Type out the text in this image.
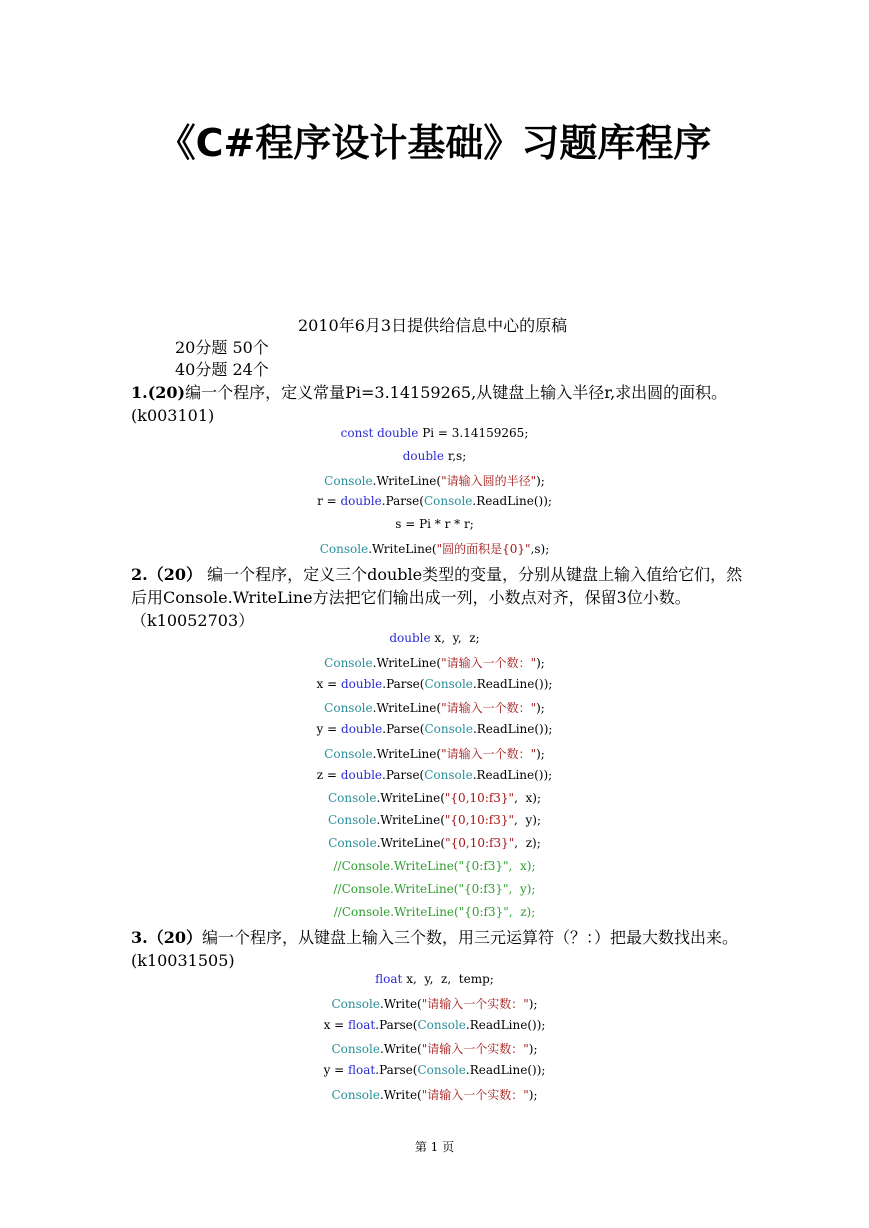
《C#程序设计基础》习题库程序
2010年6月3日提供给信息中心的原稿
20分题 50个
40分题 24个
1.(20)编一个程序，定义常量Pi=3.14159265,从键盘上输入半径r,求出圆的面积。(k003101)
const double Pi = 3.14159265;
double r,s;
Console.WriteLine("请输入圆的半径");
r = double.Parse(Console.ReadLine());
s = Pi * r * r;
Console.WriteLine("圆的面积是{0}",s);
2.（20） 编一个程序，定义三个double类型的变量，分别从键盘上输入值给它们，然后用Console.WriteLine方法把它们输出成一列，小数点对齐，保留3位小数。（k10052703）
double x,  y,  z;
Console.WriteLine("请输入一个数：");
x = double.Parse(Console.ReadLine());
Console.WriteLine("请输入一个数：");
y = double.Parse(Console.ReadLine());
Console.WriteLine("请输入一个数：");
z = double.Parse(Console.ReadLine());
Console.WriteLine("{0,10:f3}",  x);
Console.WriteLine("{0,10:f3}",  y);
Console.WriteLine("{0,10:f3}",  z);
//Console.WriteLine("{0:f3}",  x);
//Console.WriteLine("{0:f3}",  y);
//Console.WriteLine("{0:f3}",  z);
3.（20）编一个程序，从键盘上输入三个数，用三元运算符（？：）把最大数找出来。(k10031505)
float x,  y,  z,  temp;
Console.Write("请输入一个实数：");
x = float.Parse(Console.ReadLine());
Console.Write("请输入一个实数：");
y = float.Parse(Console.ReadLine());
Console.Write("请输入一个实数：");
第 1 页
